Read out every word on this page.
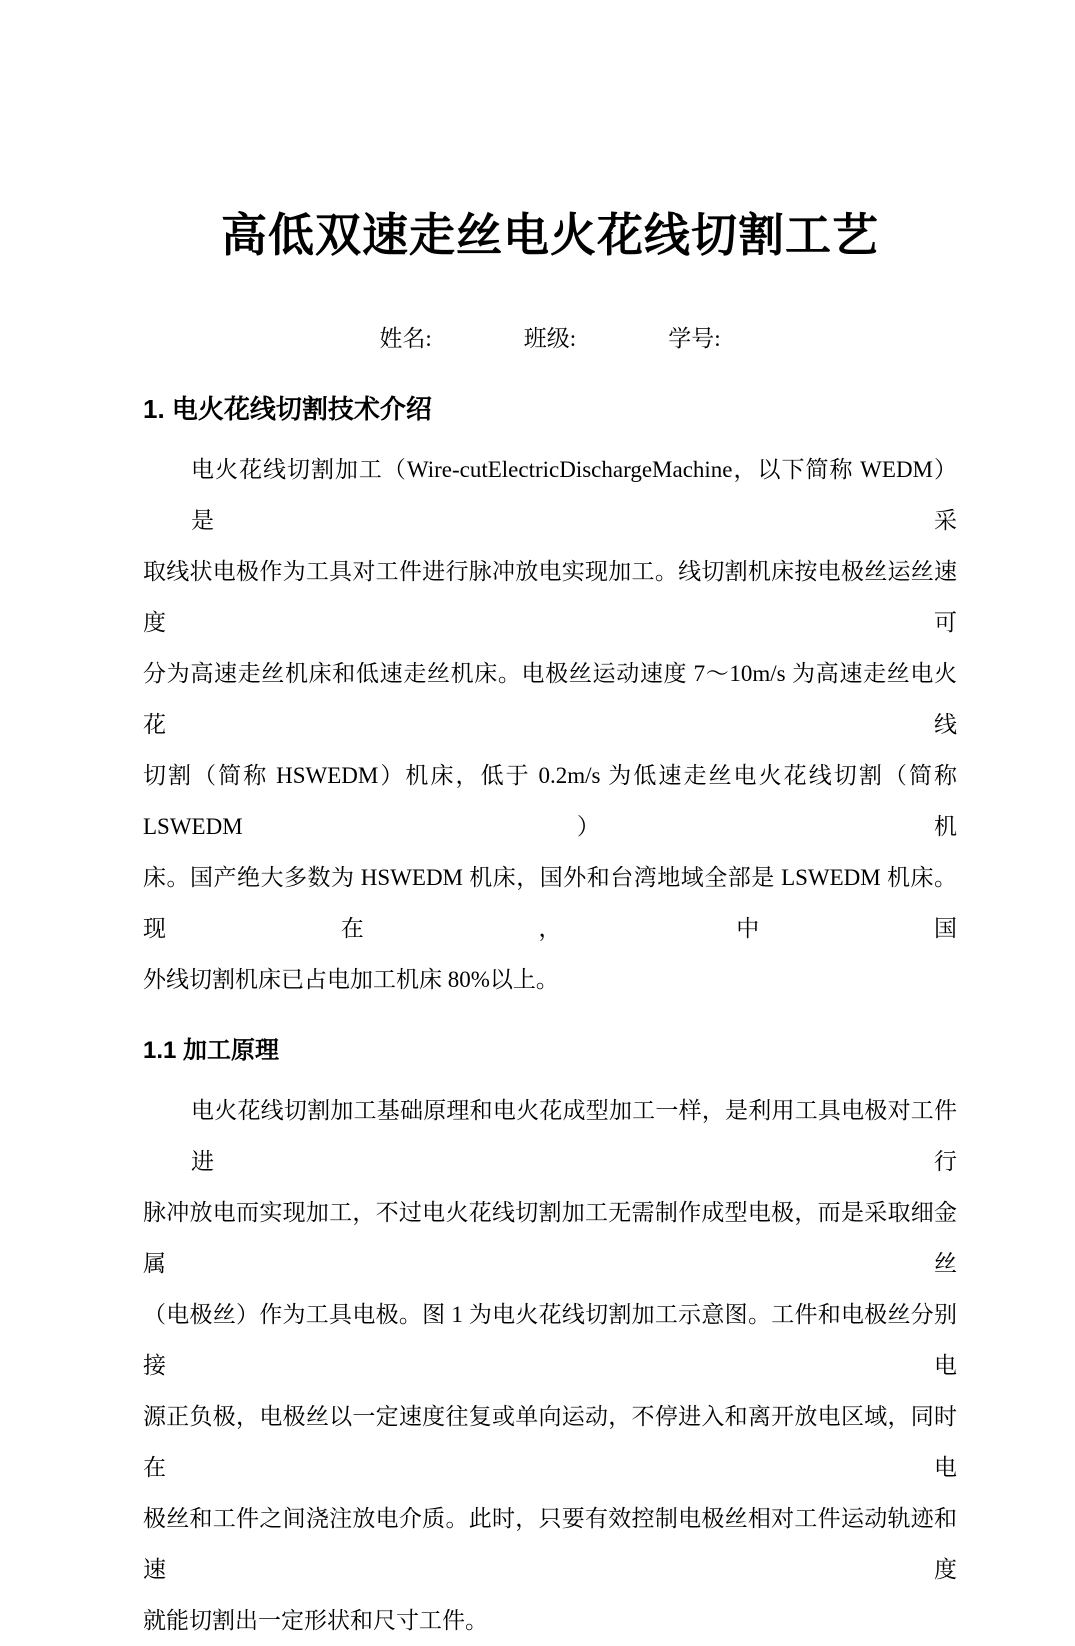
高低双速走丝电火花线切割工艺
姓名:	班级:	学号:
1. 电火花线切割技术介绍
电火花线切割加工（Wire-cutElectricDischargeMachine，以下简称 WEDM）是采
取线状电极作为工具对工件进行脉冲放电实现加工。线切割机床按电极丝运丝速度可
分为高速走丝机床和低速走丝机床。电极丝运动速度 7～10m/s 为高速走丝电火花线
切割（简称 HSWEDM）机床，低于 0.2m/s 为低速走丝电火花线切割（简称 LSWEDM）机
床。国产绝大多数为 HSWEDM 机床，国外和台湾地域全部是 LSWEDM 机床。现在，中国
外线切割机床已占电加工机床 80%以上。
1.1 加工原理
电火花线切割加工基础原理和电火花成型加工一样，是利用工具电极对工件进行
脉冲放电而实现加工，不过电火花线切割加工无需制作成型电极，而是采取细金属丝
（电极丝）作为工具电极。图 1 为电火花线切割加工示意图。工件和电极丝分别接电
源正负极，电极丝以一定速度往复或单向运动，不停进入和离开放电区域，同时在电
极丝和工件之间浇注放电介质。此时，只要有效控制电极丝相对工件运动轨迹和速度
就能切割出一定形状和尺寸工件。
